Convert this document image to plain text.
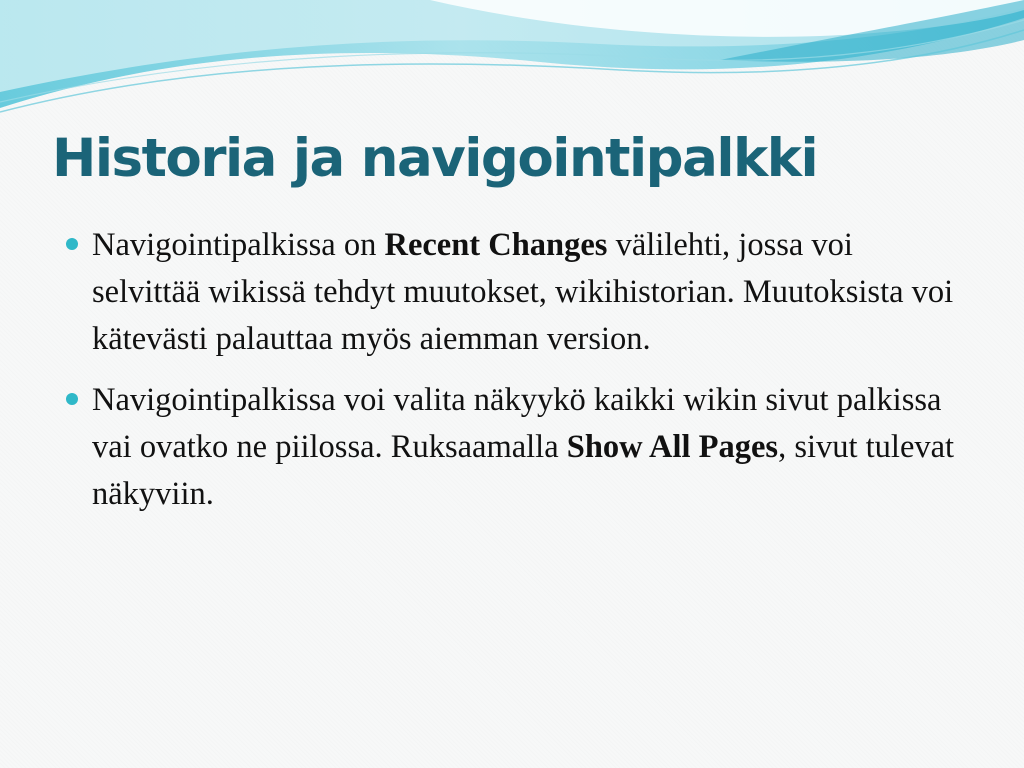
Historia ja navigointipalkki
Navigointipalkissa on Recent Changes välilehti, jossa voi selvittää wikissä tehdyt muutokset, wikihistorian. Muutoksista voi kätevästi palauttaa myös aiemman version.
Navigointipalkissa voi valita näkyykö kaikki wikin sivut palkissa vai ovatko ne piilossa. Ruksaamalla Show All Pages, sivut tulevat näkyviin.
